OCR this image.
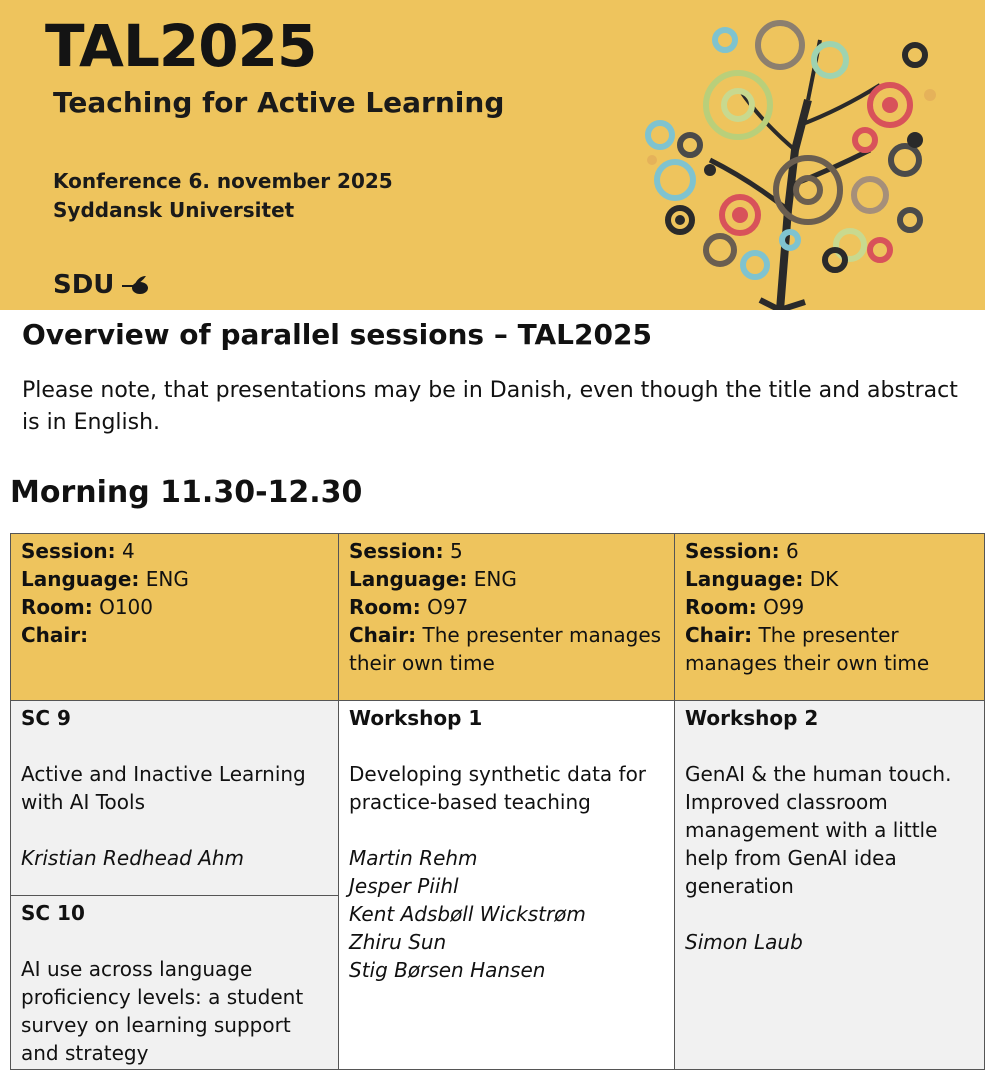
TAL2025
Teaching for Active Learning
Konference 6. november 2025
Syddansk Universitet
SDU
Overview of parallel sessions – TAL2025
Please note, that presentations may be in Danish, even though the title and abstract is in English.
Morning 11.30-12.30
Session: 4
Language: ENG
Room: O100
Chair:
Session: 5
Language: ENG
Room: O97
Chair: The presenter manages their own time
Session: 6
Language: DK
Room: O99
Chair: The presenter manages their own time
SC 9
Active and Inactive Learning with AI Tools
Kristian Redhead Ahm
SC 10
AI use across language proficiency levels: a student survey on learning support and strategy
Workshop 1
Developing synthetic data for practice-based teaching
Martin Rehm
Jesper Piihl
Kent Adsbøll Wickstrøm
Zhiru Sun
Stig Børsen Hansen
Workshop 2
GenAI & the human touch. Improved classroom management with a little help from GenAI idea generation
Simon Laub
